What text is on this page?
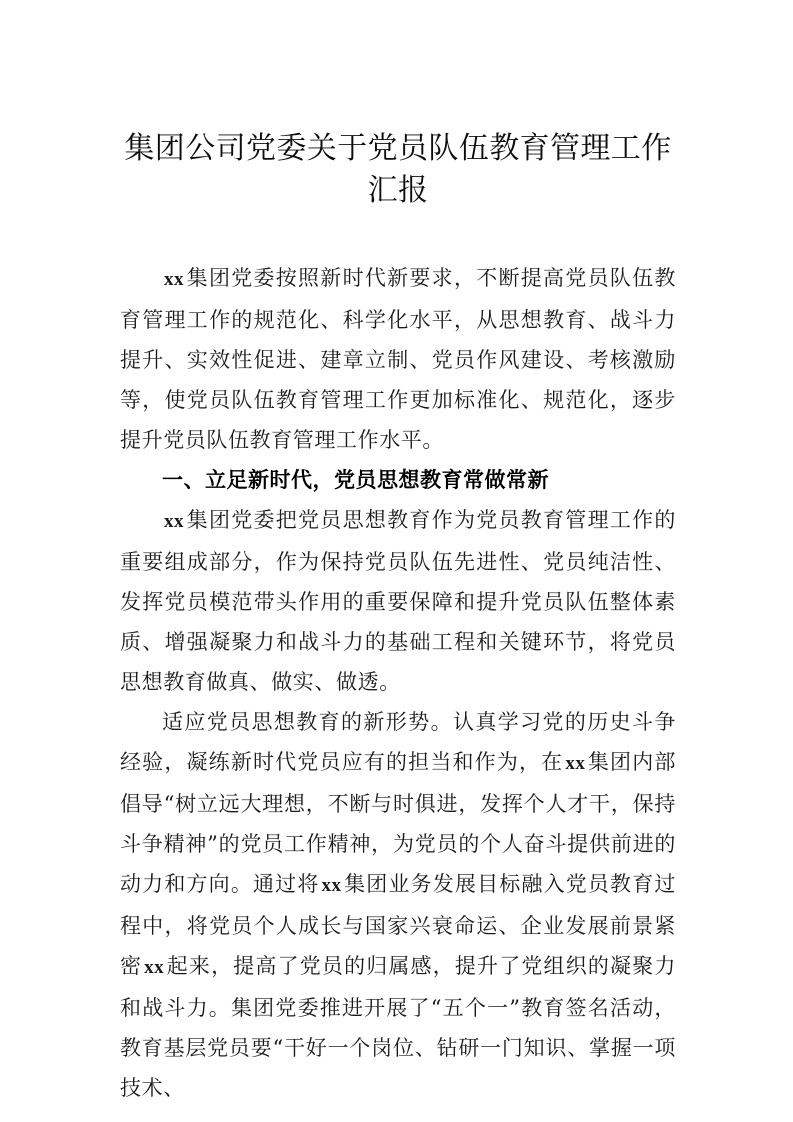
集团公司党委关于党员队伍教育管理工作汇报

xx集团党委按照新时代新要求，不断提高党员队伍教育管理工作的规范化、科学化水平，从思想教育、战斗力提升、实效性促进、建章立制、党员作风建设、考核激励等，使党员队伍教育管理工作更加标准化、规范化，逐步提升党员队伍教育管理工作水平。

一、立足新时代，党员思想教育常做常新

xx集团党委把党员思想教育作为党员教育管理工作的重要组成部分，作为保持党员队伍先进性、党员纯洁性、发挥党员模范带头作用的重要保障和提升党员队伍整体素质、增强凝聚力和战斗力的基础工程和关键环节，将党员思想教育做真、做实、做透。

适应党员思想教育的新形势。认真学习党的历史斗争经验，凝练新时代党员应有的担当和作为，在 xx集团内部倡导“树立远大理想，不断与时俱进，发挥个人才干，保持斗争精神”的党员工作精神，为党员的个人奋斗提供前进的动力和方向。通过将 xx集团业务发展目标融入党员教育过程中，将党员个人成长与国家兴衰命运、企业发展前景紧密 xx起来，提高了党员的归属感，提升了党组织的凝聚力和战斗力。集团党委推进开展了“五个一”教育签名活动，教育基层党员要“干好一个岗位、钻研一门知识、掌握一项技术、
